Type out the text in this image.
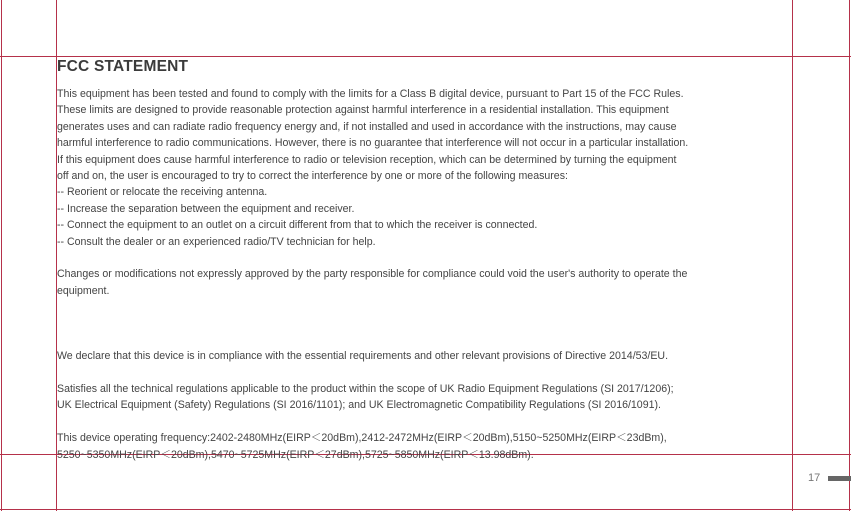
FCC STATEMENT

This equipment has been tested and found to comply with the limits for a Class B digital device, pursuant to Part 15 of the FCC Rules.
These limits are designed to provide reasonable protection against harmful interference in a residential installation. This equipment
generates uses and can radiate radio frequency energy and, if not installed and used in accordance with the instructions, may cause
harmful interference to radio communications. However, there is no guarantee that interference will not occur in a particular installation.
If this equipment does cause harmful interference to radio or television reception, which can be determined by turning the equipment
off and on, the user is encouraged to try to correct the interference by one or more of the following measures:

-- Reorient or relocate the receiving antenna.
-- Increase the separation between the equipment and receiver.
-- Connect the equipment to an outlet on a circuit different from that to which the receiver is connected.
-- Consult the dealer or an experienced radio/TV technician for help.

Changes or modifications not expressly approved by the party responsible for compliance could void the user's authority to operate the
equipment.

We declare that this device is in compliance with the essential requirements and other relevant provisions of Directive 2014/53/EU.

Satisfies all the technical regulations applicable to the product within the scope of UK Radio Equipment Regulations (SI 2017/1206);
UK Electrical Equipment (Safety) Regulations (SI 2016/1101); and UK Electromagnetic Compatibility Regulations (SI 2016/1091).

This device operating frequency:2402-2480MHz(EIRP＜20dBm),2412-2472MHz(EIRP＜20dBm),5150~5250MHz(EIRP＜23dBm),
5250~5350MHz(EIRP＜20dBm),5470~5725MHz(EIRP＜27dBm),5725~5850MHz(EIRP＜13.98dBm).

17
